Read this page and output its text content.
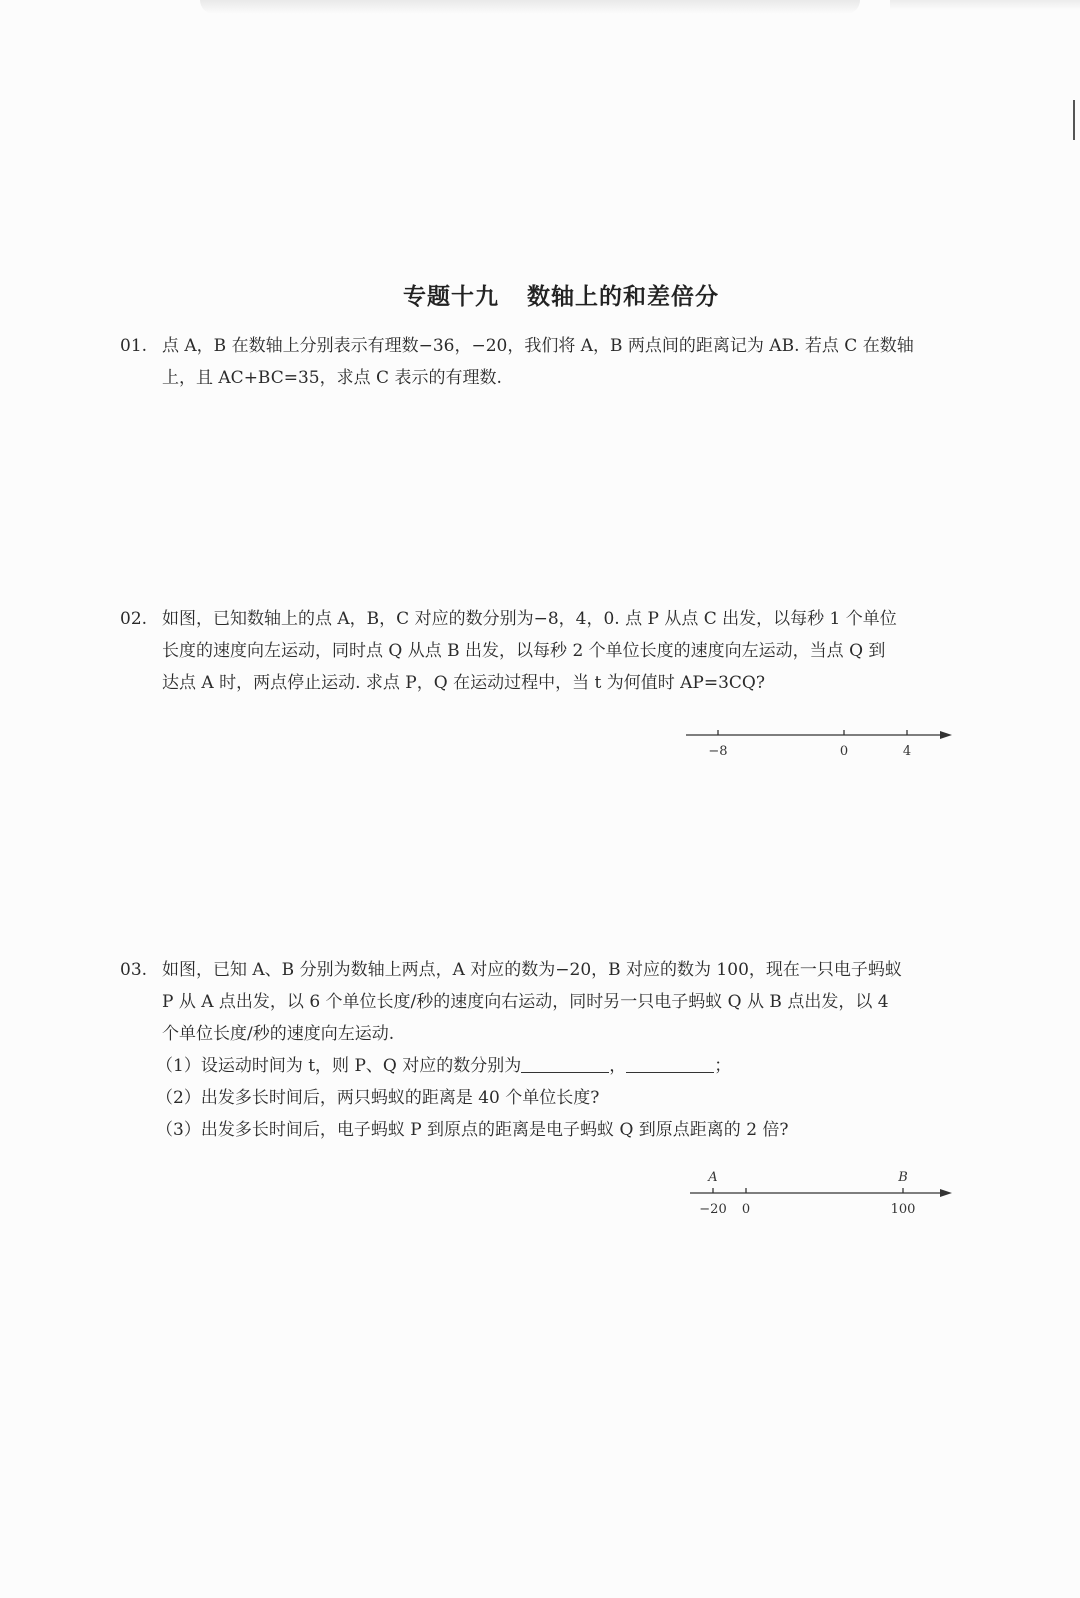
专题十九 数轴上的和差倍分
01. 点 A，B 在数轴上分别表示有理数−36，−20，我们将 A，B 两点间的距离记为 AB. 若点 C 在数轴
上，且 AC+BC=35，求点 C 表示的有理数.
02. 如图，已知数轴上的点 A，B，C 对应的数分别为−8，4，0. 点 P 从点 C 出发，以每秒 1 个单位
长度的速度向左运动，同时点 Q 从点 B 出发，以每秒 2 个单位长度的速度向左运动，当点 Q 到
达点 A 时，两点停止运动. 求点 P，Q 在运动过程中，当 t 为何值时 AP=3CQ?
−8	0	4
03. 如图，已知 A、B 分别为数轴上两点，A 对应的数为−20，B 对应的数为 100，现在一只电子蚂蚁
P 从 A 点出发，以 6 个单位长度/秒的速度向右运动，同时另一只电子蚂蚁 Q 从 B 点出发，以 4
个单位长度/秒的速度向左运动.
（1）设运动时间为 t，则 P、Q 对应的数分别为	，	；
（2）出发多长时间后，两只蚂蚁的距离是 40 个单位长度?
（3）出发多长时间后，电子蚂蚁 P 到原点的距离是电子蚂蚁 Q 到原点距离的 2 倍?
A	B
−20 0	100
